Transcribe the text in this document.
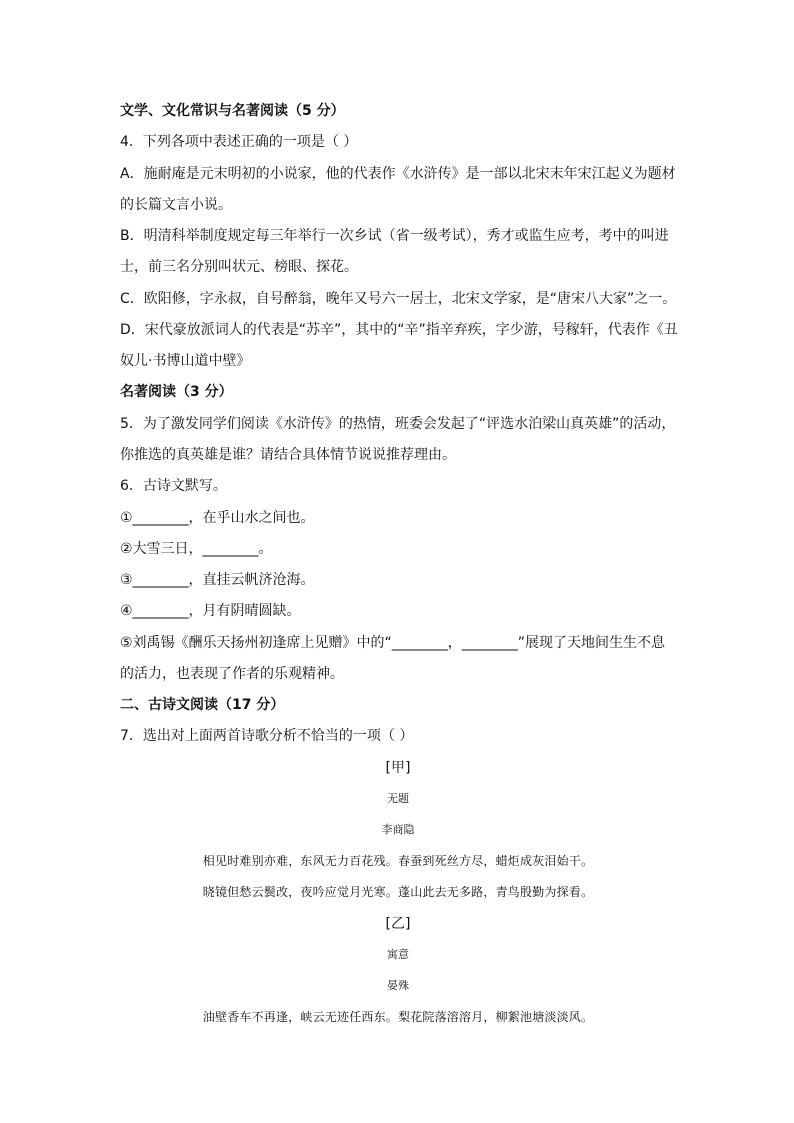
文学、文化常识与名著阅读（5 分）
4．下列各项中表述正确的一项是（ ）
A．施耐庵是元末明初的小说家，他的代表作《水浒传》是一部以北宋末年宋江起义为题材
的长篇文言小说。
B．明清科举制度规定每三年举行一次乡试（省一级考试），秀才或监生应考，考中的叫进
士，前三名分别叫状元、榜眼、探花。
C．欧阳修，字永叔，自号醉翁，晚年又号六一居士，北宋文学家，是“唐宋八大家”之一。
D．宋代豪放派词人的代表是“苏辛”，其中的“辛”指辛弃疾，字少游，号稼轩，代表作《丑
奴儿·书博山道中壁》
名著阅读（3 分）
5．为了激发同学们阅读《水浒传》的热情，班委会发起了“评选水泊梁山真英雄”的活动，
你推选的真英雄是谁？请结合具体情节说说推荐理由。
6．古诗文默写。
①________，在乎山水之间也。
②大雪三日，________。
③________，直挂云帆济沧海。
④________，月有阴晴圆缺。
⑤刘禹锡《酬乐天扬州初逢席上见赠》中的“________，________”展现了天地间生生不息
的活力，也表现了作者的乐观精神。
二、古诗文阅读（17 分）
7．选出对上面两首诗歌分析不恰当的一项（ ）
[甲]
无题
李商隐
相见时难别亦难，东风无力百花残。春蚕到死丝方尽，蜡炬成灰泪始干。
晓镜但愁云鬓改，夜吟应觉月光寒。蓬山此去无多路，青鸟殷勤为探看。
[乙]
寓意
晏殊
油壁香车不再逢，峡云无迹任西东。梨花院落溶溶月，柳絮池塘淡淡风。
